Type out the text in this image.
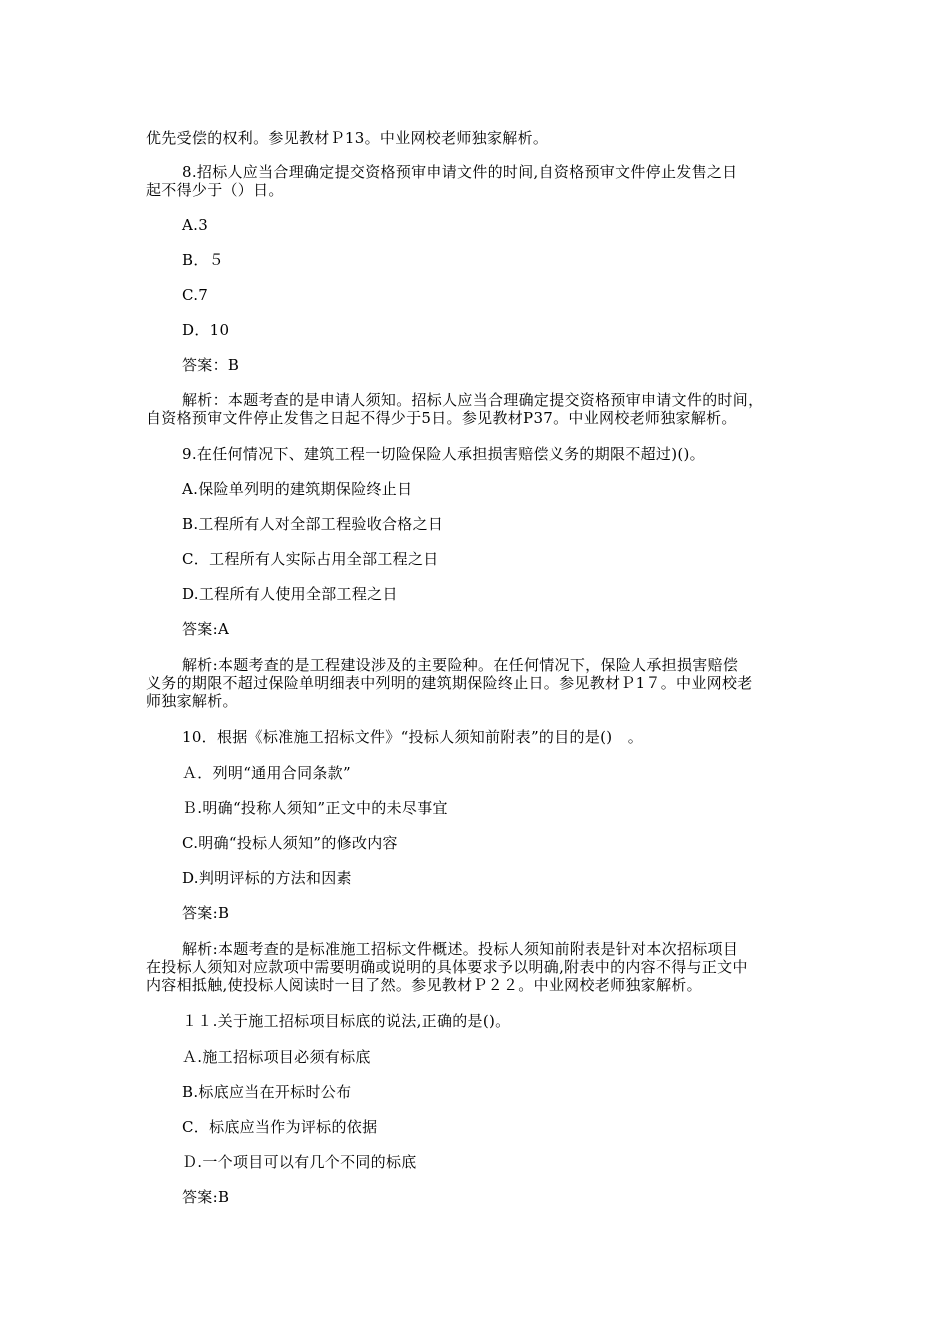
优先受偿的权利。参见教材Ｐ13。中业网校老师独家解析。
8.招标人应当合理确定提交资格预审申请文件的时间,自资格预审文件停止发售之日
起不得少于（）日。
A.3
B．５
C.7
D．10
答案：B
解析：本题考查的是申请人须知。招标人应当合理确定提交资格预审申请文件的时间，
自资格预审文件停止发售之日起不得少于5日。参见教材P37。中业网校老师独家解析。
9.在任何情况下、建筑工程一切险保险人承担损害赔偿义务的期限不超过)()。
A.保险单列明的建筑期保险终止日
B.工程所有人对全部工程验收合格之日
C．工程所有人实际占用全部工程之日
D.工程所有人使用全部工程之日
答案:A
解析:本题考查的是工程建设涉及的主要险种。在任何情况下，保险人承担损害赔偿
义务的期限不超过保险单明细表中列明的建筑期保险终止日。参见教材Ｐ1７。中业网校老
师独家解析。
10．根据《标准施工招标文件》“投标人须知前附表”的目的是()　。
Ａ．列明“通用合同条款”
Ｂ.明确“投称人须知”正文中的未尽事宜
C.明确“投标人须知”的修改内容
D.判明评标的方法和因素
答案:B
解析:本题考查的是标准施工招标文件概述。投标人须知前附表是针对本次招标项目
在投标人须知对应款项中需要明确或说明的具体要求予以明确,附表中的内容不得与正文中
内容相抵触,使投标人阅读时一目了然。参见教材Ｐ２２。中业网校老师独家解析。
１１.关于施工招标项目标底的说法,正确的是()。
Ａ.施工招标项目必须有标底
B.标底应当在开标时公布
C．标底应当作为评标的依据
Ｄ.一个项目可以有几个不同的标底
答案:B
